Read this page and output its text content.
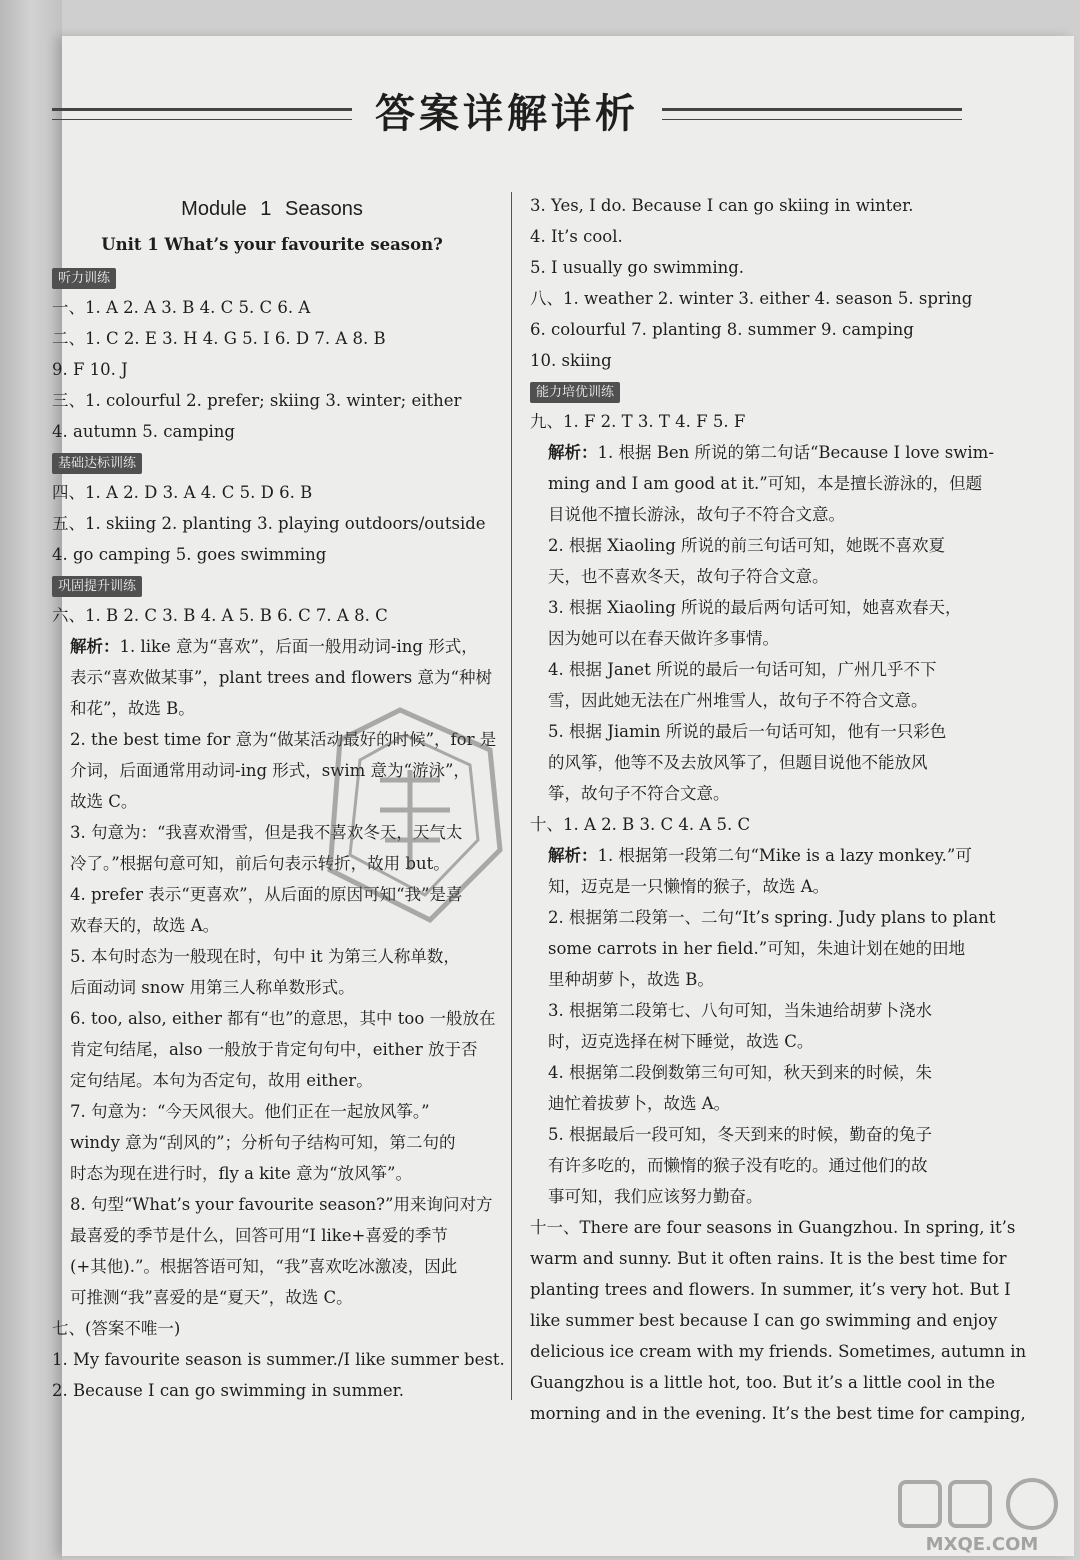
答案详解详析
Module 1 Seasons
Unit 1 What’s your favourite season?
听力训练
一、1. A 2. A 3. B 4. C 5. C 6. A
二、1. C 2. E 3. H 4. G 5. I 6. D 7. A 8. B
9. F 10. J
三、1. colourful 2. prefer; skiing 3. winter; either
4. autumn 5. camping
基础达标训练
四、1. A 2. D 3. A 4. C 5. D 6. B
五、1. skiing 2. planting 3. playing outdoors/outside
4. go camping 5. goes swimming
巩固提升训练
六、1. B 2. C 3. B 4. A 5. B 6. C 7. A 8. C
解析：1. like 意为“喜欢”，后面一般用动词-ing 形式，
表示“喜欢做某事”，plant trees and flowers 意为“种树
和花”，故选 B。
2. the best time for 意为“做某活动最好的时候”，for 是
介词，后面通常用动词-ing 形式，swim 意为“游泳”，
故选 C。
3. 句意为：“我喜欢滑雪，但是我不喜欢冬天，天气太
冷了。”根据句意可知，前后句表示转折，故用 but。
4. prefer 表示“更喜欢”，从后面的原因可知“我”是喜
欢春天的，故选 A。
5. 本句时态为一般现在时，句中 it 为第三人称单数，
后面动词 snow 用第三人称单数形式。
6. too, also, either 都有“也”的意思，其中 too 一般放在
肯定句结尾，also 一般放于肯定句句中，either 放于否
定句结尾。本句为否定句，故用 either。
7. 句意为：“今天风很大。他们正在一起放风筝。”
windy 意为“刮风的”；分析句子结构可知，第二句的
时态为现在进行时，fly a kite 意为“放风筝”。
8. 句型“What’s your favourite season?”用来询问对方
最喜爱的季节是什么，回答可用“I like+喜爱的季节
(+其他).”。根据答语可知，“我”喜欢吃冰激凌，因此
可推测“我”喜爱的是“夏天”，故选 C。
七、(答案不唯一)
1. My favourite season is summer./I like summer best.
2. Because I can go swimming in summer.
3. Yes, I do. Because I can go skiing in winter.
4. It’s cool.
5. I usually go swimming.
八、1. weather 2. winter 3. either 4. season 5. spring
6. colourful 7. planting 8. summer 9. camping
10. skiing
能力培优训练
九、1. F 2. T 3. T 4. F 5. F
解析：1. 根据 Ben 所说的第二句话“Because I love swim-
ming and I am good at it.”可知，本是擅长游泳的，但题
目说他不擅长游泳，故句子不符合文意。
2. 根据 Xiaoling 所说的前三句话可知，她既不喜欢夏
天，也不喜欢冬天，故句子符合文意。
3. 根据 Xiaoling 所说的最后两句话可知，她喜欢春天，
因为她可以在春天做许多事情。
4. 根据 Janet 所说的最后一句话可知，广州几乎不下
雪，因此她无法在广州堆雪人，故句子不符合文意。
5. 根据 Jiamin 所说的最后一句话可知，他有一只彩色
的风筝，他等不及去放风筝了，但题目说他不能放风
筝，故句子不符合文意。
十、1. A 2. B 3. C 4. A 5. C
解析：1. 根据第一段第二句“Mike is a lazy monkey.”可
知，迈克是一只懒惰的猴子，故选 A。
2. 根据第二段第一、二句“It’s spring. Judy plans to plant
some carrots in her field.”可知，朱迪计划在她的田地
里种胡萝卜，故选 B。
3. 根据第二段第七、八句可知，当朱迪给胡萝卜浇水
时，迈克选择在树下睡觉，故选 C。
4. 根据第二段倒数第三句可知，秋天到来的时候，朱
迪忙着拔萝卜，故选 A。
5. 根据最后一段可知，冬天到来的时候，勤奋的兔子
有许多吃的，而懒惰的猴子没有吃的。通过他们的故
事可知，我们应该努力勤奋。
十一、There are four seasons in Guangzhou. In spring, it’s
warm and sunny. But it often rains. It is the best time for
planting trees and flowers. In summer, it’s very hot. But I
like summer best because I can go swimming and enjoy
delicious ice cream with my friends. Sometimes, autumn in
Guangzhou is a little hot, too. But it’s a little cool in the
morning and in the evening. It’s the best time for camping,
MXQE.COM
